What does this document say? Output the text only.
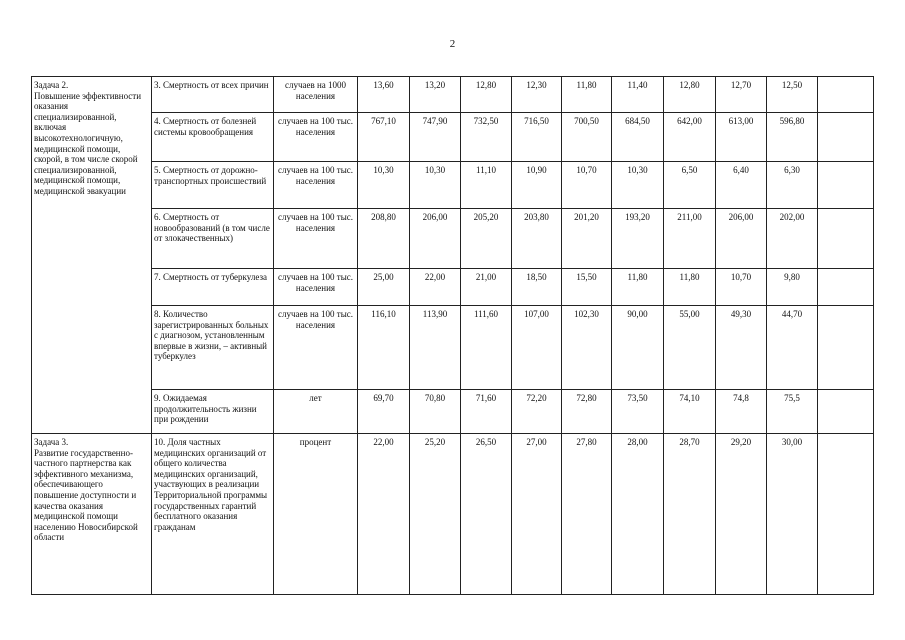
2
Задача 2.
Повышение эффективности оказания специализированной, включая высокотехнологичную, медицинской помощи, скорой, в том числе скорой специализированной, медицинской помощи, медицинской эвакуации	3. Смертность от всех причин	случаев на 1000 населения	13,60	13,20	12,80	12,30	11,80	11,40	12,80	12,70	12,50	
	4. Смертность от болезней системы кровообращения	случаев на 100 тыс. населения	767,10	747,90	732,50	716,50	700,50	684,50	642,00	613,00	596,80	
	5. Смертность от дорожно-транспортных происшествий	случаев на 100 тыс. населения	10,30	10,30	11,10	10,90	10,70	10,30	6,50	6,40	6,30	
	6. Смертность от новообразований (в том числе от злокачественных)	случаев на 100 тыс. населения	208,80	206,00	205,20	203,80	201,20	193,20	211,00	206,00	202,00	
	7. Смертность от туберкулеза	случаев на 100 тыс. населения	25,00	22,00	21,00	18,50	15,50	11,80	11,80	10,70	9,80	
	8. Количество зарегистрированных больных с диагнозом, установленным впервые в жизни, – активный туберкулез	случаев на 100 тыс. населения	116,10	113,90	111,60	107,00	102,30	90,00	55,00	49,30	44,70	
	9. Ожидаемая продолжительность жизни при рождении	лет	69,70	70,80	71,60	72,20	72,80	73,50	74,10	74,8	75,5	
Задача 3.
Развитие государственно-частного партнерства как эффективного механизма, обеспечивающего повышение доступности и качества оказания медицинской помощи населению Новосибирской области	10. Доля частных медицинских организаций от общего количества медицинских организаций, участвующих в реализации Территориальной программы государственных гарантий бесплатного оказания гражданам	процент	22,00	25,20	26,50	27,00	27,80	28,00	28,70	29,20	30,00	
